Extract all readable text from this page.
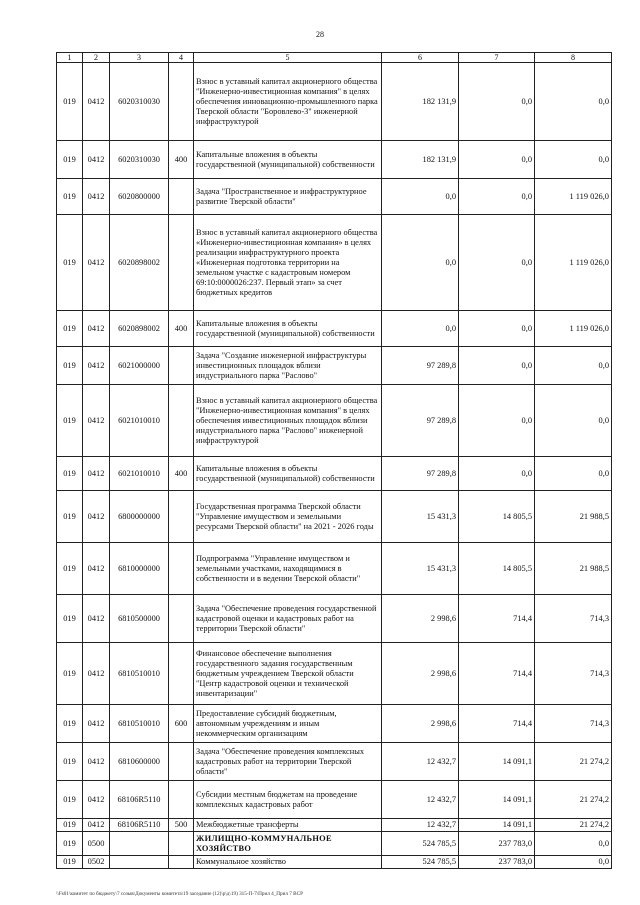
28
1	2	3	4	5	6	7	8
019	0412	6020310030		Взнос в уставный капитал акционерного общества "Инженерно-инвестиционная компания" в целях обеспечения инновационно-промышленного парка Тверской области "Боровлево-3" инженерной инфраструктурой	182 131,9	0,0	0,0
019	0412	6020310030	400	Капитальные вложения в объекты государственной (муниципальной) собственности	182 131,9	0,0	0,0
019	0412	6020800000		Задача "Пространственное и инфраструктурное развитие Тверской области"	0,0	0,0	1 119 026,0
019	0412	6020898002		Взнос в уставный капитал акционерного общества «Инженерно-инвестиционная компания» в целях реализации инфраструктурного проекта «Инженерная подготовка территории на земельном участке с кадастровым номером 69:10:0000026:237. Первый этап» за счет бюджетных кредитов	0,0	0,0	1 119 026,0
019	0412	6020898002	400	Капитальные вложения в объекты государственной (муниципальной) собственности	0,0	0,0	1 119 026,0
019	0412	6021000000		Задача "Создание инженерной инфраструктуры инвестиционных площадок вблизи индустриального парка "Раслово"	97 289,8	0,0	0,0
019	0412	6021010010		Взнос в уставный капитал акционерного общества "Инженерно-инвестиционная компания" в целях обеспечения инвестиционных площадок вблизи индустриального парка "Раслово" инженерной инфраструктурой	97 289,8	0,0	0,0
019	0412	6021010010	400	Капитальные вложения в объекты государственной (муниципальной) собственности	97 289,8	0,0	0,0
019	0412	6800000000		Государственная программа Тверской области "Управление имуществом и земельными ресурсами Тверской области" на 2021 - 2026 годы	15 431,3	14 805,5	21 988,5
019	0412	6810000000		Подпрограмма "Управление имуществом и земельными участками, находящимися в собственности и в ведении Тверской области"	15 431,3	14 805,5	21 988,5
019	0412	6810500000		Задача "Обеспечение проведения государственной кадастровой оценки и кадастровых работ на территории Тверской области"	2 998,6	714,4	714,3
019	0412	6810510010		Финансовое обеспечение выполнения государственного задания государственным бюджетным учреждением Тверской области "Центр кадастровой оценки и технической инвентаризации"	2 998,6	714,4	714,3
019	0412	6810510010	600	Предоставление субсидий бюджетным, автономным учреждениям и иным некоммерческим организациям	2 998,6	714,4	714,3
019	0412	6810600000		Задача "Обеспечение проведения комплексных кадастровых работ на территории Тверской области"	12 432,7	14 091,1	21 274,2
019	0412	68106R5110		Субсидии местным бюджетам на проведение комплексных кадастровых работ	12 432,7	14 091,1	21 274,2
019	0412	68106R5110	500	Межбюджетные трансферты	12 432,7	14 091,1	21 274,2
019	0500			ЖИЛИЩНО-КОММУНАЛЬНОЕ ХОЗЯЙСТВО	524 785,5	237 783,0	0,0
019	0502			Коммунальное хозяйство	524 785,5	237 783,0	0,0
\\Fs01\комитет по бюджету\7 созыв\Документы комитета\19 заседание (12)\р\д\19) 315-П-7\Прил 4_Прил 7 ВСР
